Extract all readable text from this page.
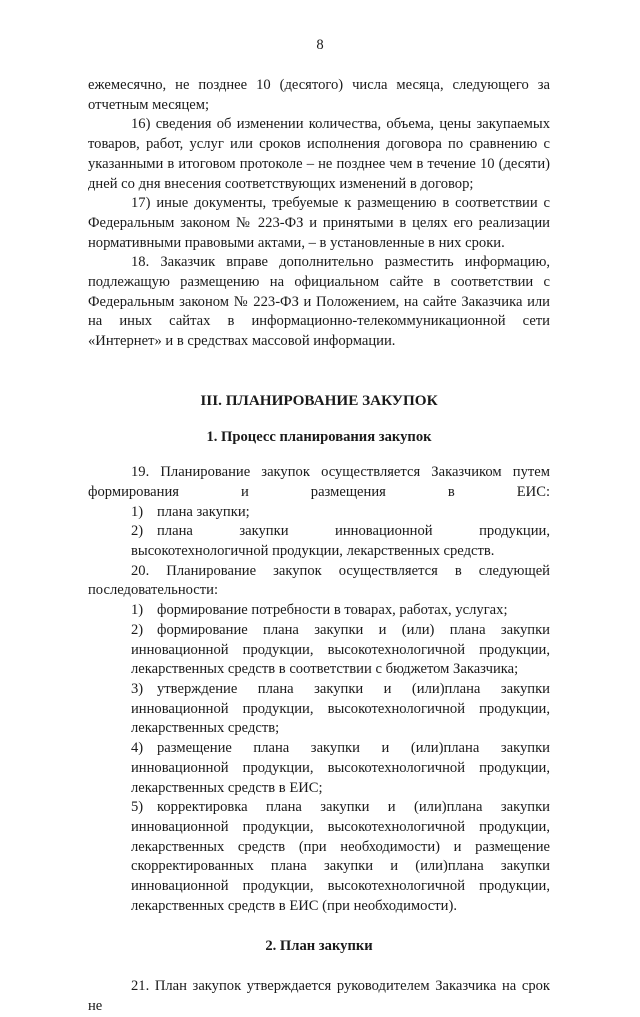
8

ежемесячно, не позднее 10 (десятого) числа месяца, следующего за отчетным месяцем;

16) сведения об изменении количества, объема, цены закупаемых товаров, работ, услуг или сроков исполнения договора по сравнению с указанными в итоговом протоколе – не позднее чем в течение 10 (десяти) дней со дня внесения соответствующих изменений в договор;

17) иные документы, требуемые к размещению в соответствии с Федеральным законом № 223-ФЗ и принятыми в целях его реализации нормативными правовыми актами, – в установленные в них сроки.

18. Заказчик вправе дополнительно разместить информацию, подлежащую размещению на официальном сайте в соответствии с Федеральным законом № 223-ФЗ и Положением, на сайте Заказчика или на иных сайтах в информационно-телекоммуникационной сети «Интернет» и в средствах массовой информации.

III. ПЛАНИРОВАНИЕ ЗАКУПОК
1. Процесс планирования закупок

19. Планирование закупок осуществляется Заказчиком путем формирования и размещения в ЕИС:

1) плана закупки;

2) плана закупки инновационной продукции, высокотехнологичной продукции, лекарственных средств.

20. Планирование закупок осуществляется в следующей последовательности:

1) формирование потребности в товарах, работах, услугах;

2) формирование плана закупки и (или) плана закупки инновационной продукции, высокотехнологичной продукции, лекарственных средств в соответствии с бюджетом Заказчика;

3) утверждение плана закупки и (или)плана закупки инновационной продукции, высокотехнологичной продукции, лекарственных средств;

4) размещение плана закупки и (или)плана закупки инновационной продукции, высокотехнологичной продукции, лекарственных средств в ЕИС;

5) корректировка плана закупки и (или)плана закупки инновационной продукции, высокотехнологичной продукции, лекарственных средств (при необходимости) и размещение скорректированных плана закупки и (или)плана закупки инновационной продукции, высокотехнологичной продукции, лекарственных средств в ЕИС (при необходимости).

2. План закупки

21. План закупок утверждается руководителем Заказчика на срок не
